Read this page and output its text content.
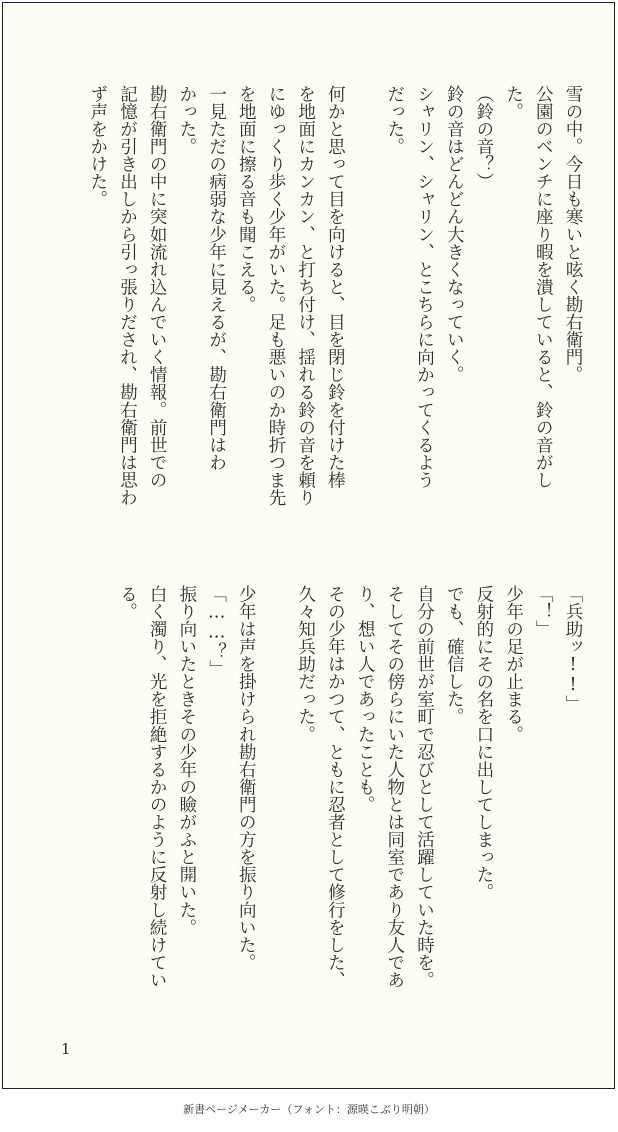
雪の中。今日も寒いと呟く勘右衛門。

公園のベンチに座り暇を潰していると、鈴の音がし

た。

（鈴の音？）

鈴の音はどんどん大きくなっていく。

シャリン、シャリン、とこちらに向かってくるよう

だった。

何かと思って目を向けると、目を閉じ鈴を付けた棒

を地面にカンカン、と打ち付け、揺れる鈴の音を頼り

にゆっくり歩く少年がいた。足も悪いのか時折つま先

を地面に擦る音も聞こえる。

一見ただの病弱な少年に見えるが、勘右衛門はわ

かった。

勘右衛門の中に突如流れ込んでいく情報。前世での

記憶が引き出しから引っ張りだされ、勘右衛門は思わ

ず声をかけた。

「兵助ッ!!」

「！」

少年の足が止まる。

反射的にその名を口に出してしまった。

でも、確信した。

自分の前世が室町で忍びとして活躍していた時を。

そしてその傍らにいた人物とは同室であり友人であ

り、想い人であったことも。

その少年はかつて、ともに忍者として修行をした、

久々知兵助だった。

少年は声を掛けられ勘右衛門の方を振り向いた。

「……？」

振り向いたときその少年の瞼がふと開いた。

白く濁り、光を拒絶するかのように反射し続けてい

る。

1
新書ページメーカー（フォント：源暎こぶり明朝）
